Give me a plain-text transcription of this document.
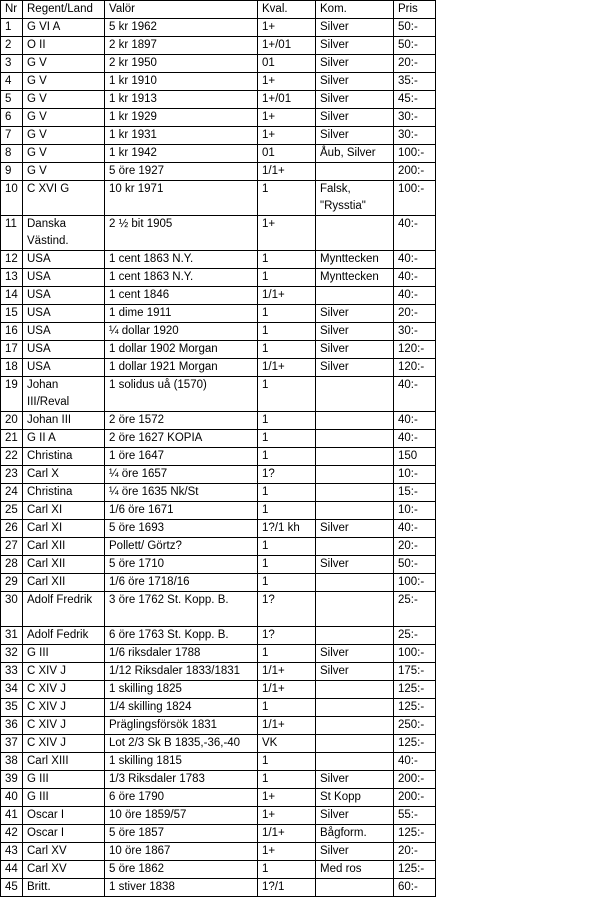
Nr	Regent/Land	Valör	Kval.	Kom.	Pris
1	G VI A	5 kr 1962	1+	Silver	50:-
2	O II	2 kr 1897	1+/01	Silver	50:-
3	G V	2 kr 1950	01	Silver	20:-
4	G V	1 kr 1910	1+	Silver	35:-
5	G V	1 kr 1913	1+/01	Silver	45:-
6	G V	1 kr 1929	1+	Silver	30:-
7	G V	1 kr 1931	1+	Silver	30:-
8	G V	1 kr 1942	01	Åub, Silver	100:-
9	G V	5 öre 1927	1/1+		200:-
10	C XVI G	10 kr 1971	1	Falsk, "Rysstia"	100:-
11	Danska Västind.	2 ½ bit 1905	1+		40:-
12	USA	1 cent 1863 N.Y.	1	Mynttecken	40:-
13	USA	1 cent 1863 N.Y.	1	Mynttecken	40:-
14	USA	1 cent 1846	1/1+		40:-
15	USA	1 dime 1911	1	Silver	20:-
16	USA	¼ dollar 1920	1	Silver	30:-
17	USA	1 dollar 1902 Morgan	1	Silver	120:-
18	USA	1 dollar 1921 Morgan	1/1+	Silver	120:-
19	Johan III/Reval	1 solidus uå (1570)	1		40:-
20	Johan III	2 öre 1572	1		40:-
21	G II A	2 öre 1627 KOPIA	1		40:-
22	Christina	1 öre 1647	1		150
23	Carl X	¼ öre 1657	1?		10:-
24	Christina	¼ öre 1635 Nk/St	1		15:-
25	Carl XI	1/6 öre 1671	1		10:-
26	Carl XI	5 öre 1693	1?/1 kh	Silver	40:-
27	Carl XII	Pollett/ Görtz?	1		20:-
28	Carl XII	5 öre 1710	1	Silver	50:-
29	Carl XII	1/6 öre 1718/16	1		100:-
30	Adolf Fredrik	3 öre 1762 St. Kopp. B.	1?		25:-
31	Adolf Fedrik	6 öre 1763 St. Kopp. B.	1?		25:-
32	G III	1/6 riksdaler 1788	1	Silver	100:-
33	C XIV J	1/12 Riksdaler 1833/1831	1/1+	Silver	175:-
34	C XIV J	1 skilling 1825	1/1+		125:-
35	C XIV J	1/4 skilling 1824	1		125:-
36	C XIV J	Präglingsförsök 1831	1/1+		250:-
37	C XIV J	Lot 2/3 Sk B 1835,-36,-40	VK		125:-
38	Carl XIII	1 skilling 1815	1		40:-
39	G III	1/3 Riksdaler 1783	1	Silver	200:-
40	G III	6 öre 1790	1+	St Kopp	200:-
41	Oscar I	10 öre 1859/57	1+	Silver	55:-
42	Oscar I	5 öre 1857	1/1+	Bågform.	125:-
43	Carl XV	10 öre 1867	1+	Silver	20:-
44	Carl XV	5 öre 1862	1	Med ros	125:-
45	Britt.	1 stiver 1838	1?/1		60:-
